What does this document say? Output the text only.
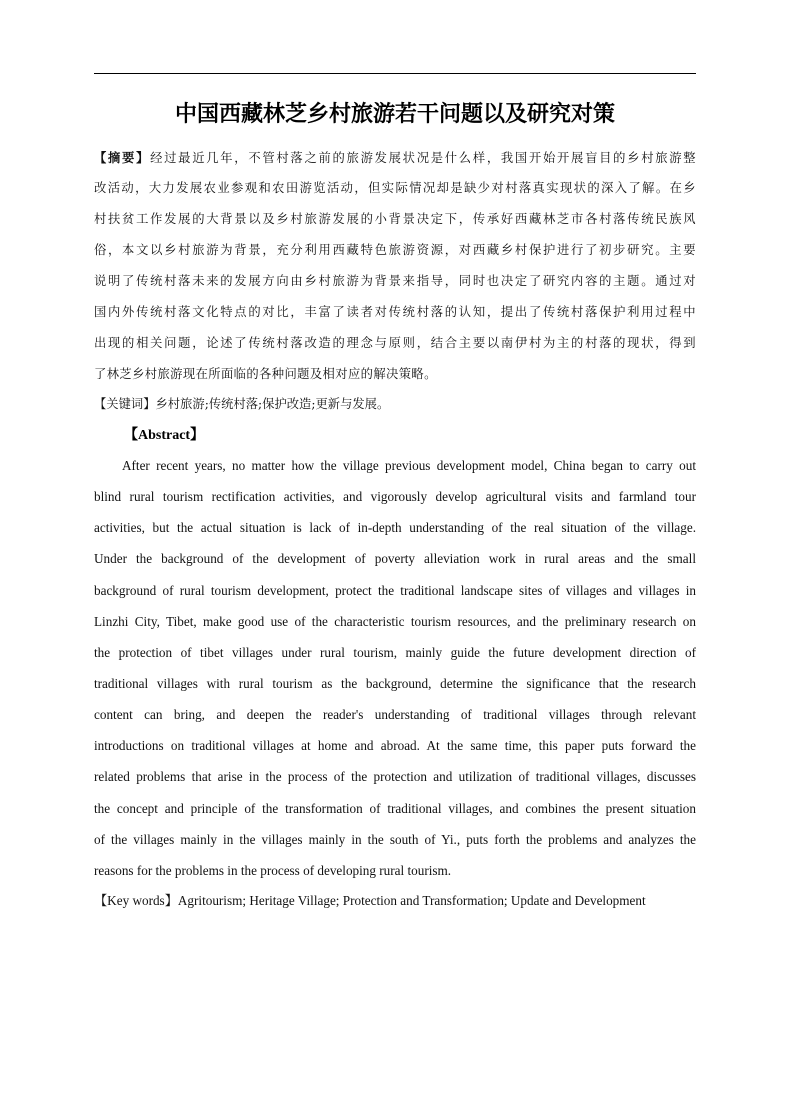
中国西藏林芝乡村旅游若干问题以及研究对策
【摘要】经过最近几年，不管村落之前的旅游发展状况是什么样，我国开始开展盲目的乡村旅游整
改活动，大力发展农业参观和农田游览活动，但实际情况却是缺少对村落真实现状的深入了解。在乡
村扶贫工作发展的大背景以及乡村旅游发展的小背景决定下，传承好西藏林芝市各村落传统民族风
俗，本文以乡村旅游为背景，充分利用西藏特色旅游资源，对西藏乡村保护进行了初步研究。主要
说明了传统村落未来的发展方向由乡村旅游为背景来指导，同时也决定了研究内容的主题。通过对
国内外传统村落文化特点的对比，丰富了读者对传统村落的认知，提出了传统村落保护利用过程中
出现的相关问题，论述了传统村落改造的理念与原则，结合主要以南伊村为主的村落的现状，得到
了林芝乡村旅游现在所面临的各种问题及相对应的解决策略。
【关键词】乡村旅游;传统村落;保护改造;更新与发展。
【Abstract】
After recent years, no matter how the village previous development model, China began to carry out
blind rural tourism rectification activities, and vigorously develop agricultural visits and farmland tour
activities, but the actual situation is lack of in-depth understanding of the real situation of the village.
Under the background of the development of poverty alleviation work in rural areas and the small
background of rural tourism development, protect the traditional landscape sites of villages and villages in
Linzhi City, Tibet, make good use of the characteristic tourism resources, and the preliminary research on
the protection of tibet villages under rural tourism, mainly guide the future development direction of
traditional villages with rural tourism as the background, determine the significance that the research
content can bring, and deepen the reader's understanding of traditional villages through relevant
introductions on traditional villages at home and abroad. At the same time, this paper puts forward the
related problems that arise in the process of the protection and utilization of traditional villages, discusses
the concept and principle of the transformation of traditional villages, and combines the present situation
of the villages mainly in the villages mainly in the south of Yi., puts forth the problems and analyzes the
reasons for the problems in the process of developing rural tourism.
【Key words】Agritourism; Heritage Village; Protection and Transformation; Update and Development
